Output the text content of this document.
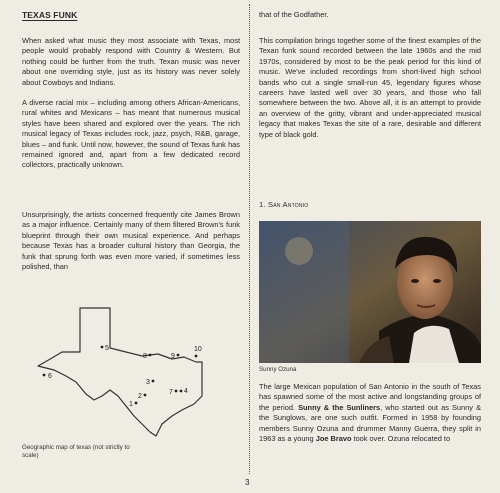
TEXAS FUNK

When asked what music they most associate with Texas, most people would probably respond with Country & Western. But nothing could be further from the truth. Texan music was never about one overriding style, just as its history was never solely about Cowboys and Indians.

A diverse racial mix – including among others African-Americans, rural whites and Mexicans – has meant that numerous musical styles have been shared and explored over the years. The rich musical legacy of Texas includes rock, jazz, psych, R&B, garage, blues – and funk. Until now, however, the sound of Texas funk has remained ignored and, apart from a few dedicated record collectors, practically unknown.

Unsurprisingly, the artists concerned frequently cite James Brown as a major influence. Certainly many of them filtered Brown's funk blueprint through their own musical experience. And perhaps because Texas has a broader cultural history than Georgia, the funk that sprung forth was even more varied, if sometimes less polished, than

5
8	9
10
6
3
2
7 4
1
Geographic map of texas (not strictly to scale)

that of the Godfather.

This compilation brings together some of the finest examples of the Texan funk sound recorded between the late 1960s and the mid 1970s, considered by most to be the peak period for this kind of music. We've included recordings from short-lived high school bands who cut a single small-run 45, legendary figures whose careers have lasted well over 30 years, and those who fall somewhere between the two. Above all, it is an attempt to provide an overview of the gritty, vibrant and under-appreciated musical legacy that makes Texas the site of a rare, desirable and different type of black gold.

1. San Antonio
Sunny Ozuna

The large Mexican population of San Antonio in the south of Texas has spawned some of the most active and longstanding groups of the period. Sunny & the Sunliners, who started out as Sunny & the Sunglows, are one such outfit. Formed in 1958 by founding members Sunny Ozuna and drummer Manny Guerra, they split in 1963 as a young Joe Bravo took over. Ozuna relocated to

3
